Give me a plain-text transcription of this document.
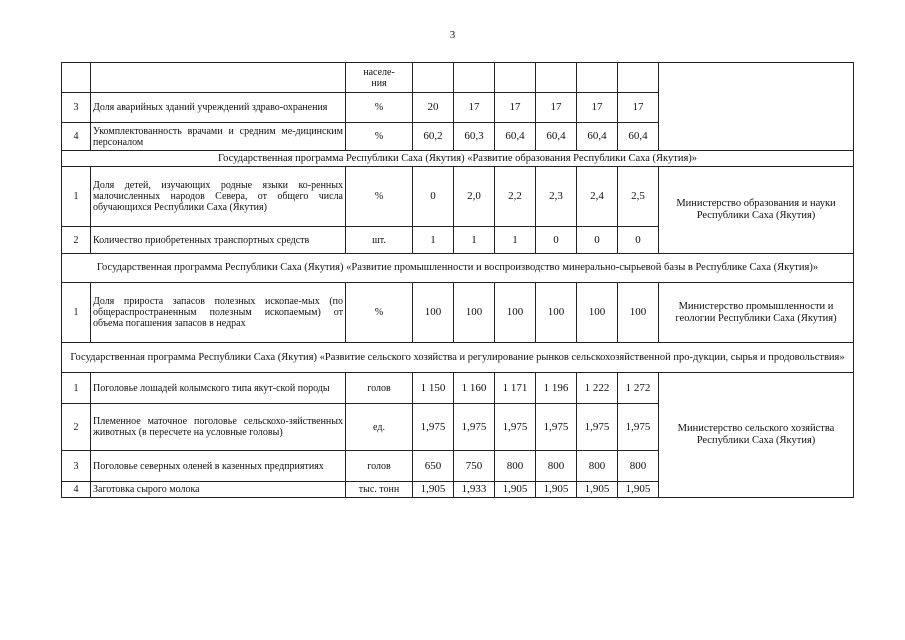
3
		населе-
ния							
3	Доля аварийных зданий учреждений здраво-охранения	%	20	17	17	17	17	17	
4	Укомплектованность врачами и средним ме-дицинским персоналом	%	60,2	60,3	60,4	60,4	60,4	60,4	
Государственная программа Республики Саха (Якутия) «Развитие образования Республики Саха (Якутия)»									
1	Доля детей, изучающих родные языки ко-ренных малочисленных народов Севера, от общего числа обучающихся Республики Саха (Якутия)	%	0	2,0	2,2	2,3	2,4	2,5	Министерство образования и науки Республики Саха (Якутия)
2	Количество приобретенных транспортных средств	шт.	1	1	1	0	0	0	
Государственная программа Республики Саха (Якутия) «Развитие промышленности и воспроизводство минерально-сырьевой базы в Республике Саха (Якутия)»									
1	Доля прироста запасов полезных ископае-мых (по общераспространенным полезным ископаемым) от объема погашения запасов в недрах	%	100	100	100	100	100	100	Министерство промышленности и геологии Республики Саха (Якутия)
Государственная программа Республики Саха (Якутия) «Развитие сельского хозяйства и регулирование рынков сельскохозяйственной про-дукции, сырья и продовольствия»									
1	Поголовье лошадей колымского типа якут-ской породы	голов	1 150	1 160	1 171	1 196	1 222	1 272	Министерство сельского хозяйства Республики Саха (Якутия)
2	Племенное маточное поголовье сельскохо-зяйственных животных (в пересчете на условные головы)	ед.	1,975	1,975	1,975	1,975	1,975	1,975	
3	Поголовье северных оленей в казенных предприятиях	голов	650	750	800	800	800	800	
4	Заготовка сырого молока	тыс. тонн	1,905	1,933	1,905	1,905	1,905	1,905	
